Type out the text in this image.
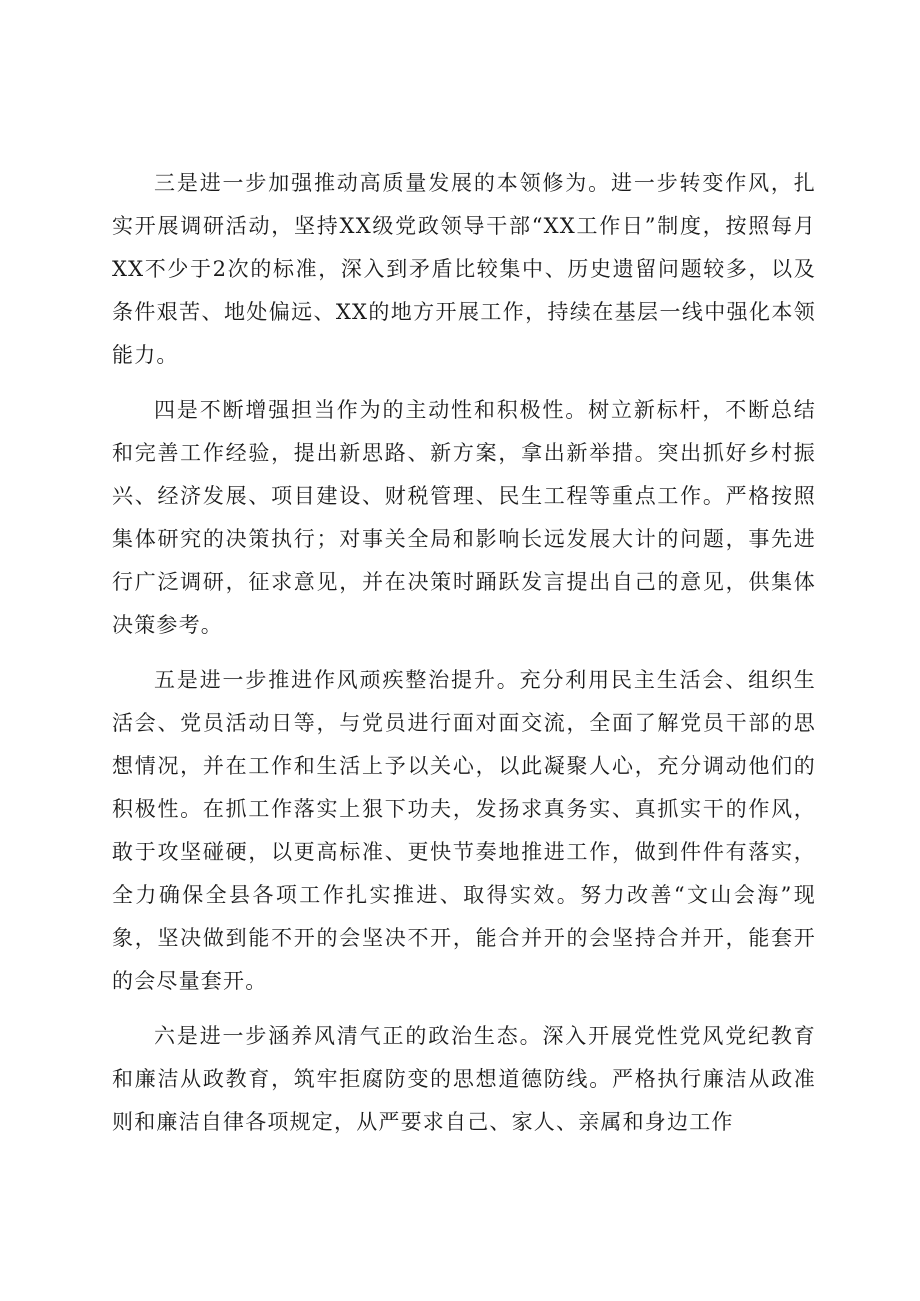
三是进一步加强推动高质量发展的本领修为。进一步转变作风，扎实开展调研活动，坚持XX级党政领导干部“XX工作日”制度，按照每月XX不少于2次的标准，深入到矛盾比较集中、历史遗留问题较多，以及条件艰苦、地处偏远、XX的地方开展工作，持续在基层一线中强化本领能力。

四是不断增强担当作为的主动性和积极性。树立新标杆，不断总结和完善工作经验，提出新思路、新方案，拿出新举措。突出抓好乡村振兴、经济发展、项目建设、财税管理、民生工程等重点工作。严格按照集体研究的决策执行；对事关全局和影响长远发展大计的问题，事先进行广泛调研，征求意见，并在决策时踊跃发言提出自己的意见，供集体决策参考。

五是进一步推进作风顽疾整治提升。充分利用民主生活会、组织生活会、党员活动日等，与党员进行面对面交流，全面了解党员干部的思想情况，并在工作和生活上予以关心，以此凝聚人心，充分调动他们的积极性。在抓工作落实上狠下功夫，发扬求真务实、真抓实干的作风，敢于攻坚碰硬，以更高标准、更快节奏地推进工作，做到件件有落实，全力确保全县各项工作扎实推进、取得实效。努力改善“文山会海”现象，坚决做到能不开的会坚决不开，能合并开的会坚持合并开，能套开的会尽量套开。

六是进一步涵养风清气正的政治生态。深入开展党性党风党纪教育和廉洁从政教育，筑牢拒腐防变的思想道德防线。严格执行廉洁从政准则和廉洁自律各项规定，从严要求自己、家人、亲属和身边工作
